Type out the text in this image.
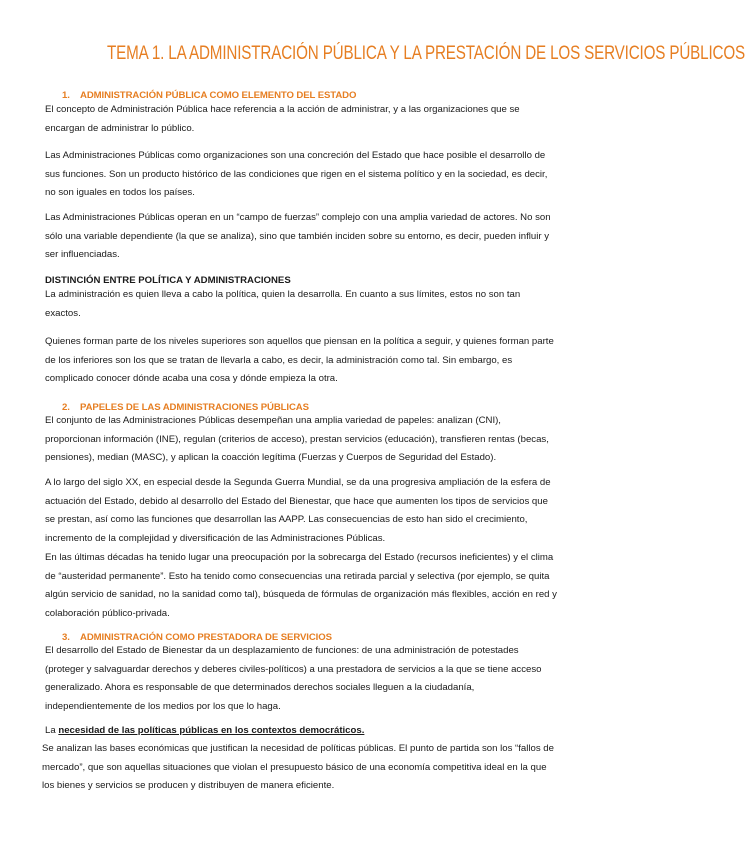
TEMA 1. LA ADMINISTRACIÓN PÚBLICA Y LA PRESTACIÓN DE LOS SERVICIOS PÚBLICOS
1. ADMINISTRACIÓN PÚBLICA COMO ELEMENTO DEL ESTADO

El concepto de Administración Pública hace referencia a la acción de administrar, y a las organizaciones que se encargan de administrar lo público.

Las Administraciones Públicas como organizaciones son una concreción del Estado que hace posible el desarrollo de sus funciones. Son un producto histórico de las condiciones que rigen en el sistema político y en la sociedad, es decir, no son iguales en todos los países.

Las Administraciones Públicas operan en un “campo de fuerzas” complejo con una amplia variedad de actores. No son sólo una variable dependiente (la que se analiza), sino que también inciden sobre su entorno, es decir, pueden influir y ser influenciadas.

DISTINCIÓN ENTRE POLÍTICA Y ADMINISTRACIONES

La administración es quien lleva a cabo la política, quien la desarrolla. En cuanto a sus límites, estos no son tan exactos.

Quienes forman parte de los niveles superiores son aquellos que piensan en la política a seguir, y quienes forman parte de los inferiores son los que se tratan de llevarla a cabo, es decir, la administración como tal. Sin embargo, es complicado conocer dónde acaba una cosa y dónde empieza la otra.

2. PAPELES DE LAS ADMINISTRACIONES PÚBLICAS

El conjunto de las Administraciones Públicas desempeñan una amplia variedad de papeles: analizan (CNI), proporcionan información (INE), regulan (criterios de acceso), prestan servicios (educación), transfieren rentas (becas, pensiones), median (MASC), y aplican la coacción legítima (Fuerzas y Cuerpos de Seguridad del Estado).

A lo largo del siglo XX, en especial desde la Segunda Guerra Mundial, se da una progresiva ampliación de la esfera de actuación del Estado, debido al desarrollo del Estado del Bienestar, que hace que aumenten los tipos de servicios que se prestan, así como las funciones que desarrollan las AAPP. Las consecuencias de esto han sido el crecimiento, incremento de la complejidad y diversificación de las Administraciones Públicas.

En las últimas décadas ha tenido lugar una preocupación por la sobrecarga del Estado (recursos ineficientes) y el clima de “austeridad permanente”. Esto ha tenido como consecuencias una retirada parcial y selectiva (por ejemplo, se quita algún servicio de sanidad, no la sanidad como tal), búsqueda de fórmulas de organización más flexibles, acción en red y colaboración público-privada.

3. ADMINISTRACIÓN COMO PRESTADORA DE SERVICIOS

El desarrollo del Estado de Bienestar da un desplazamiento de funciones: de una administración de potestades (proteger y salvaguardar derechos y deberes civiles-políticos) a una prestadora de servicios a la que se tiene acceso generalizado. Ahora es responsable de que determinados derechos sociales lleguen a la ciudadanía, independientemente de los medios por los que lo haga.

La necesidad de las políticas públicas en los contextos democráticos.

Se analizan las bases económicas que justifican la necesidad de políticas públicas. El punto de partida son los “fallos de mercado”, que son aquellas situaciones que violan el presupuesto básico de una economía competitiva ideal en la que los bienes y servicios se producen y distribuyen de manera eficiente.
